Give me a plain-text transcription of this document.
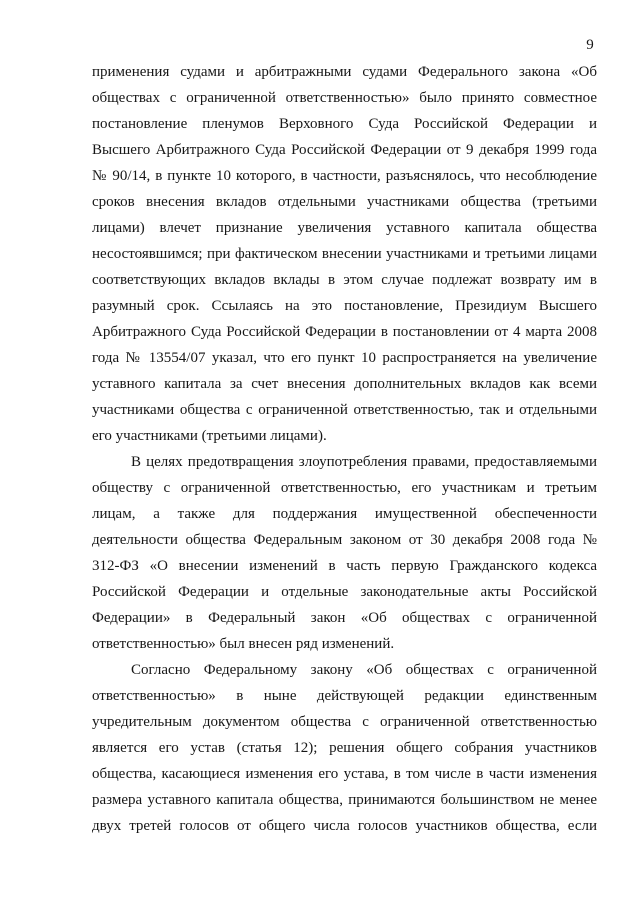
9
применения судами и арбитражными судами Федерального закона «Об
обществах с ограниченной ответственностью» было принято совместное
постановление пленумов Верховного Суда Российской Федерации и
Высшего Арбитражного Суда Российской Федерации от 9 декабря 1999 года
№ 90/14, в пункте 10 которого, в частности, разъяснялось, что несоблюдение
сроков внесения вкладов отдельными участниками общества (третьими
лицами) влечет признание увеличения уставного капитала общества
несостоявшимся; при фактическом внесении участниками и третьими лицами
соответствующих вкладов вклады в этом случае подлежат возврату им в
разумный срок. Ссылаясь на это постановление, Президиум Высшего
Арбитражного Суда Российской Федерации в постановлении от 4 марта 2008
года № 13554/07 указал, что его пункт 10 распространяется на увеличение
уставного капитала за счет внесения дополнительных вкладов как всеми
участниками общества с ограниченной ответственностью, так и отдельными
его участниками (третьими лицами).
В целях предотвращения злоупотребления правами, предоставляемыми
обществу с ограниченной ответственностью, его участникам и третьим
лицам, а также для поддержания имущественной обеспеченности
деятельности общества Федеральным законом от 30 декабря 2008 года №
312-ФЗ «О внесении изменений в часть первую Гражданского кодекса
Российской Федерации и отдельные законодательные акты Российской
Федерации» в Федеральный закон «Об обществах с ограниченной
ответственностью» был внесен ряд изменений.
Согласно Федеральному закону «Об обществах с ограниченной
ответственностью» в ныне действующей редакции единственным
учредительным документом общества с ограниченной ответственностью
является его устав (статья 12); решения общего собрания участников
общества, касающиеся изменения его устава, в том числе в части изменения
размера уставного капитала общества, принимаются большинством не менее
двух третей голосов от общего числа голосов участников общества, если
